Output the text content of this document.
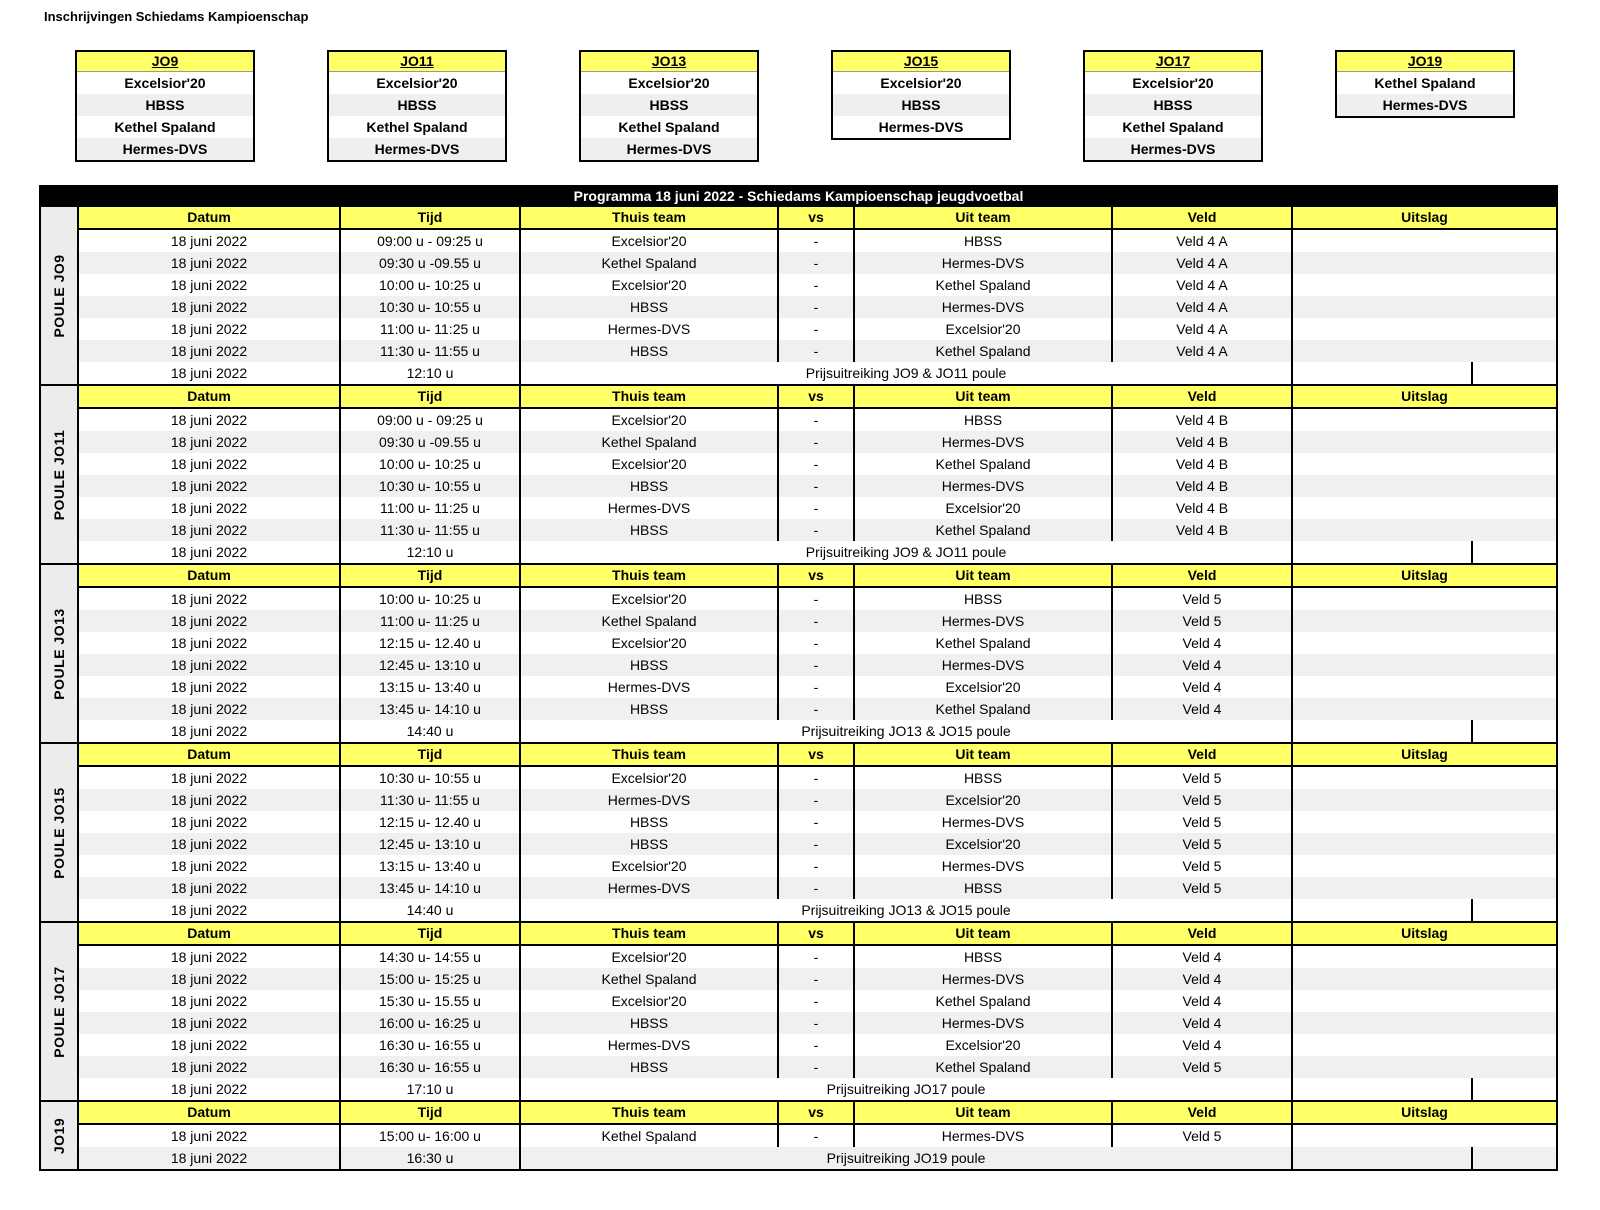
Inschrijvingen Schiedams Kampioenschap
JO9
Excelsior'20
HBSS
Kethel Spaland
Hermes-DVS
JO11
Excelsior'20
HBSS
Kethel Spaland
Hermes-DVS
JO13
Excelsior'20
HBSS
Kethel Spaland
Hermes-DVS
JO15
Excelsior'20
HBSS
Hermes-DVS
JO17
Excelsior'20
HBSS
Kethel Spaland
Hermes-DVS
JO19
Kethel Spaland
Hermes-DVS
Programma 18 juni 2022 - Schiedams Kampioenschap jeugdvoetbal
POULE JO9
Datum	Tijd	Thuis team	vs	Uit team	Veld	Uitslag
18 juni 2022	09:00 u - 09:25 u	Excelsior'20	-	HBSS	Veld 4 A
18 juni 2022	09:30 u -09.55 u	Kethel Spaland	-	Hermes-DVS	Veld 4 A
18 juni 2022	10:00 u- 10:25 u	Excelsior'20	-	Kethel Spaland	Veld 4 A
18 juni 2022	10:30 u- 10:55 u	HBSS	-	Hermes-DVS	Veld 4 A
18 juni 2022	11:00 u- 11:25 u	Hermes-DVS	-	Excelsior'20	Veld 4 A
18 juni 2022	11:30 u- 11:55 u	HBSS	-	Kethel Spaland	Veld 4 A
18 juni 2022	12:10 u	Prijsuitreiking JO9 & JO11 poule
POULE JO11
Datum	Tijd	Thuis team	vs	Uit team	Veld	Uitslag
18 juni 2022	09:00 u - 09:25 u	Excelsior'20	-	HBSS	Veld 4 B
18 juni 2022	09:30 u -09.55 u	Kethel Spaland	-	Hermes-DVS	Veld 4 B
18 juni 2022	10:00 u- 10:25 u	Excelsior'20	-	Kethel Spaland	Veld 4 B
18 juni 2022	10:30 u- 10:55 u	HBSS	-	Hermes-DVS	Veld 4 B
18 juni 2022	11:00 u- 11:25 u	Hermes-DVS	-	Excelsior'20	Veld 4 B
18 juni 2022	11:30 u- 11:55 u	HBSS	-	Kethel Spaland	Veld 4 B
18 juni 2022	12:10 u	Prijsuitreiking JO9 & JO11 poule
POULE JO13
Datum	Tijd	Thuis team	vs	Uit team	Veld	Uitslag
18 juni 2022	10:00 u- 10:25 u	Excelsior'20	-	HBSS	Veld 5
18 juni 2022	11:00 u- 11:25 u	Kethel Spaland	-	Hermes-DVS	Veld 5
18 juni 2022	12:15 u- 12.40 u	Excelsior'20	-	Kethel Spaland	Veld 4
18 juni 2022	12:45 u- 13:10 u	HBSS	-	Hermes-DVS	Veld 4
18 juni 2022	13:15 u- 13:40 u	Hermes-DVS	-	Excelsior'20	Veld 4
18 juni 2022	13:45 u- 14:10 u	HBSS	-	Kethel Spaland	Veld 4
18 juni 2022	14:40 u	Prijsuitreiking JO13 & JO15 poule
POULE JO15
Datum	Tijd	Thuis team	vs	Uit team	Veld	Uitslag
18 juni 2022	10:30 u- 10:55 u	Excelsior'20	-	HBSS	Veld 5
18 juni 2022	11:30 u- 11:55 u	Hermes-DVS	-	Excelsior'20	Veld 5
18 juni 2022	12:15 u- 12.40 u	HBSS	-	Hermes-DVS	Veld 5
18 juni 2022	12:45 u- 13:10 u	HBSS	-	Excelsior'20	Veld 5
18 juni 2022	13:15 u- 13:40 u	Excelsior'20	-	Hermes-DVS	Veld 5
18 juni 2022	13:45 u- 14:10 u	Hermes-DVS	-	HBSS	Veld 5
18 juni 2022	14:40 u	Prijsuitreiking JO13 & JO15 poule
POULE JO17
Datum	Tijd	Thuis team	vs	Uit team	Veld	Uitslag
18 juni 2022	14:30 u- 14:55 u	Excelsior'20	-	HBSS	Veld 4
18 juni 2022	15:00 u- 15:25 u	Kethel Spaland	-	Hermes-DVS	Veld 4
18 juni 2022	15:30 u- 15.55 u	Excelsior'20	-	Kethel Spaland	Veld 4
18 juni 2022	16:00 u- 16:25 u	HBSS	-	Hermes-DVS	Veld 4
18 juni 2022	16:30 u- 16:55 u	Hermes-DVS	-	Excelsior'20	Veld 4
18 juni 2022	16:30 u- 16:55 u	HBSS	-	Kethel Spaland	Veld 5
18 juni 2022	17:10 u	Prijsuitreiking JO17 poule
JO19
Datum	Tijd	Thuis team	vs	Uit team	Veld	Uitslag
18 juni 2022	15:00 u- 16:00 u	Kethel Spaland	-	Hermes-DVS	Veld 5
18 juni 2022	16:30 u	Prijsuitreiking JO19 poule
